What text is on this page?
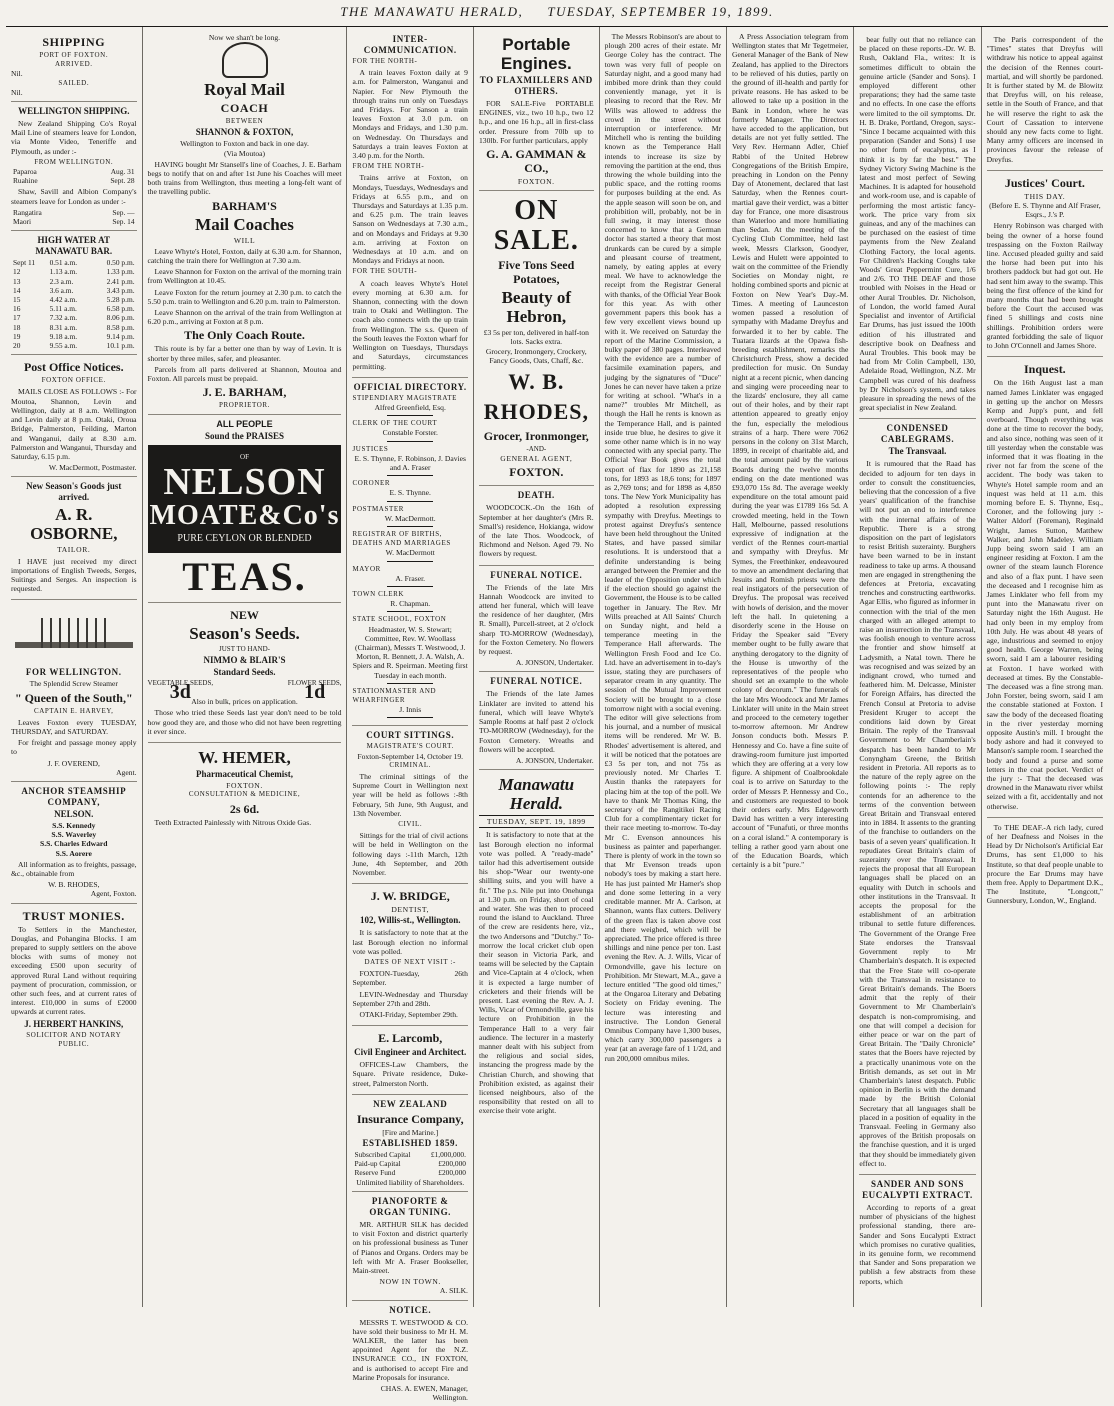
THE MANAWATU HERALD, TUESDAY, SEPTEMBER 19, 1899.
SHIPPING
PORT OF FOXTON.
ARRIVED.
Nil.
SAILED.
Nil.
WELLINGTON SHIPPING.

New Zealand Shipping Co's Royal Mail Line of steamers leave for London, via Monte Video, Teneriffe and Plymouth, as under :-

FROM WELLINGTON.
Paparoa	Aug. 31
Ruahine	Sept. 28

Shaw, Savill and Albion Company's steamers leave for London as under :-

Rangatira	Sep. —
Maori	Sep. 14
HIGH WATER AT MANAWATU BAR.
Sept 11	0.51 a.m.	0.50 p.m.
12	1.13 a.m.	1.33 p.m.
13	2.3 a.m.	2.41 p.m.
14	3.6 a.m.	3.43 p.m.
15	4.42 a.m.	5.28 p.m.
16	5.11 a.m.	6.58 p.m.
17	7.32 a.m.	8.06 p.m.
18	8.31 a.m.	8.58 p.m.
19	9.18 a.m.	9.14 p.m.
20	9.55 a.m.	10.1 p.m.
Post Office Notices.
FOXTON OFFICE.

MAILS CLOSE AS FOLLOWS :- For Moutoa, Shannon, Levin and Wellington, daily at 8 a.m. Wellington and Levin daily at 8 p.m. Otaki, Oroua Bridge, Palmerston, Feilding, Marton and Wanganui, daily at 8.30 a.m. Palmerston and Wanganui, Thursday and Saturday, 6.15 p.m.

W. MacDermott, Postmaster.
New Season's Goods just arrived.
A. R. OSBORNE,
TAILOR.

I HAVE just received my direct importations of English Tweeds, Serges, Suitings and Serges. An inspection is requested.

FOR WELLINGTON.
The Splendid Screw Steamer
" Queen of the South,"
CAPTAIN E. HARVEY,

Leaves Foxton every TUESDAY, THURSDAY, and SATURDAY.

For freight and passage money apply to

J. F. OVEREND,
Agent.
ANCHOR STEAMSHIP COMPANY,
NELSON.
S.S. Kennedy
S.S. Waverley
S.S. Charles Edward
S.S. Aorere

All information as to freights, passage, &c., obtainable from

W. B. RHODES,
Agent, Foxton.
TRUST MONIES.

To Settlers in the Manchester, Douglas, and Pohangina Blocks. I am prepared to supply settlers on the above blocks with sums of money not exceeding £500 upon security of approved Rural Land without requiring payment of procuration, commission, or other such fees, and at current rates of interest. £10,000 in sums of £2000 upwards at current rates.

J. HERBERT HANKINS,
SOLICITOR AND NOTARY PUBLIC.
Now we shan't be long.
Royal Mail
COACH
BETWEEN
SHANNON & FOXTON,
Wellington to Foxton and back in one day.
(Via Moutoa)

HAVING bought Mr Stansell's line of Coaches, J. E. Barham begs to notify that on and after 1st June his Coaches will meet both trains from Wellington, thus meeting a long-felt want of the travelling public.

BARHAM'S
Mail Coaches
WILL

Leave Whyte's Hotel, Foxton, daily at 6.30 a.m. for Shannon, catching the train there for Wellington at 7.30 a.m.

Leave Shannon for Foxton on the arrival of the morning train from Wellington at 10.45.

Leave Foxton for the return journey at 2.30 p.m. to catch the 5.50 p.m. train to Wellington and 6.20 p.m. train to Palmerston.

Leave Shannon on the arrival of the train from Wellington at 6.20 p.m., arriving at Foxton at 8 p.m.

The Only Coach Route.

This route is by far a better one than by way of Levin. It is shorter by three miles, safer, and pleasanter.

Parcels from all parts delivered at Shannon, Moutoa and Foxton. All parcels must be prepaid.

J. E. BARHAM,
PROPRIETOR.
ALL PEOPLE
Sound the PRAISES
OF
NELSON
MOATE&Co's
PURE CEYLON OR BLENDED
TEAS.
NEW
Season's Seeds.
JUST TO HAND-
NIMMO & BLAIR'S
Standard Seeds.
VEGETABLE SEEDS,
3d	FLOWER SEEDS,
1d
Also in bulk, prices on application.

Those who tried these Seeds last year don't need to be told how good they are, and those who did not have been regretting it ever since.

W. HEMER,
Pharmaceutical Chemist,
FOXTON.
CONSULTATION & MEDICINE,
2s 6d.

Teeth Extracted Painlessly with Nitrous Oxide Gas.

INTER-COMMUNICATION.
FOR THE NORTH-

A train leaves Foxton daily at 9 a.m. for Palmerston, Wanganui and Napier. For New Plymouth the through trains run only on Tuesdays and Fridays. For Sanson a train leaves Foxton at 3.0 p.m. on Mondays and Fridays, and 1.30 p.m. on Wednesday. On Thursdays and Saturdays a train leaves Foxton at 3.40 p.m. for the North.

FROM THE NORTH-

Trains arrive at Foxton, on Mondays, Tuesdays, Wednesdays and Fridays at 6.55 p.m., and on Thursdays and Saturdays at 1.35 p.m. and 6.25 p.m. The train leaves Sanson on Wednesdays at 7.30 a.m., and on Mondays and Fridays at 9.30 a.m. arriving at Foxton on Wednesdays at 10 a.m. and on Mondays and Fridays at noon.

FOR THE SOUTH-

A coach leaves Whyte's Hotel every morning at 6.30 a.m. for Shannon, connecting with the down train to Otaki and Wellington. The coach also connects with the up train from Wellington. The s.s. Queen of the South leaves the Foxton wharf for Wellington on Tuesdays, Thursdays and Saturdays, circumstances permitting.

OFFICIAL DIRECTORY.
STIPENDIARY MAGISTRATE
Alfred Greenfield, Esq.
CLERK OF THE COURT
Constable Forster.
JUSTICES
E. S. Thynne, F. Robinson, J. Davies and A. Fraser
CORONER
E. S. Thynne.
POSTMASTER
W. MacDermott.
REGISTRAR OF BIRTHS, DEATHS AND MARRIAGES
W. MacDermott
MAYOR
A. Fraser.
TOWN CLERK
R. Chapman.
STATE SCHOOL, FOXTON
Headmaster, W. S. Stewart; Committee, Rev. W. Woollass (Chairman), Messrs T. Westwood, J. Morton, R. Bennett, J. A. Walsh, A. Spiers and R. Speirman. Meeting first Tuesday in each month.
STATIONMASTER AND WHARFINGER
J. Innis
COURT SITTINGS.
MAGISTRATE'S COURT.
Foxton-September 14, October 19.
CRIMINAL.

The criminal sittings of the Supreme Court in Wellington next year will be held as follows :-8th February, 5th June, 9th August, and 13th November.

CIVIL.

Sittings for the trial of civil actions will be held in Wellington on the following days :-11th March, 12th June, 4th September, and 20th November.

J. W. BRIDGE,
DENTIST,
102, Willis-st., Wellington.

It is satisfactory to note that at the last Borough election no informal vote was polled.

DATES OF NEXT VISIT :-

FOXTON-Tuesday, 26th September.

LEVIN-Wednesday and Thursday September 27th and 28th.

OTAKI-Friday, September 29th.

E. Larcomb,
Civil Engineer and Architect.

OFFICES-Law Chambers, the Square. Private residence, Duke-street, Palmerston North.

NEW ZEALAND
Insurance Company,
[Fire and Marine.]
ESTABLISHED 1859.
Subscribed Capital	£1,000,000.
Paid-up Capital	£200,000
Reserve Fund	£200,000
Unlimited liability of Shareholders.
PIANOFORTE & ORGAN TUNING.

MR. ARTHUR SILK has decided to visit Foxton and district quarterly on his professional business as Tuner of Pianos and Organs. Orders may be left with Mr A. Fraser Bookseller, Main-street.

NOW IN TOWN.
A. SILK.
NOTICE.

MESSRS T. WESTWOOD & CO. have sold their business to Mr H. M. WALKER, the latter has been appointed Agent for the N.Z. INSURANCE CO., IN FOXTON, and is authorised to accept Fire and Marine Proposals for insurance.

CHAS. A. EWEN, Manager, Wellington.
Portable Engines.
TO FLAXMILLERS AND OTHERS.

FOR SALE-Five PORTABLE ENGINES, viz., two 10 h.p., two 12 h.p., and one 16 h.p., all in first-class order. Pressure from 70lb up to 130lb. For further particulars, apply

G. A. GAMMAN & CO.,
FOXTON.
ON SALE.
Five Tons Seed Potatoes,
Beauty of Hebron,
£3 5s per ton, delivered in half-ton lots. Sacks extra.
Grocery, Ironmongery, Crockery, Fancy Goods, Oats, Chaff, &c.
W. B. RHODES,
Grocer, Ironmonger,
-AND-
GENERAL AGENT,
FOXTON.
DEATH.

WOODCOCK.-On the 16th of September at her daughter's (Mrs R. Small's) residence, Hokianga, widow of the late Thos. Woodcock, of Richmond and Nelson. Aged 79. No flowers by request.

FUNERAL NOTICE.

The Friends of the late Mrs Hannah Woodcock are invited to attend her funeral, which will leave the residence of her daughter, (Mrs R. Small), Purcell-street, at 2 o'clock sharp TO-MORROW (Wednesday), for the Foxton Cemetery. No flowers by request.

A. JONSON, Undertaker.
FUNERAL NOTICE.

The Friends of the late James Linklater are invited to attend his funeral, which will leave Whyte's Sample Rooms at half past 2 o'clock TO-MORROW (Wednesday), for the Foxton Cemetery. Wreaths and flowers will be accepted.

A. JONSON, Undertaker.
Manawatu Herald.
TUESDAY, SEPT. 19, 1899

It is satisfactory to note that at the last Borough election no informal vote was polled. A "ready-made" tailor had this advertisement outside his shop-"Wear our twenty-one shilling suits, and you will have a fit." The p.s. Nile put into Onehunga at 1.30 p.m. on Friday, short of coal and water. She was then to proceed round the island to Auckland. Three of the crew are residents here, viz., the two Andersons and "Dutchy." To-morrow the local cricket club open their season in Victoria Park, and teams will be selected by the Captain and Vice-Captain at 4 o'clock, when it is expected a large number of cricketers and their friends will be present. Last evening the Rev. A. J. Wills, Vicar of Ormondville, gave his lecture on Prohibition in the Temperance Hall to a very fair audience. The lecturer in a masterly manner dealt with his subject from the religious and social sides, instancing the progress made by the Christian Church, and showing that Prohibition existed, as against their licensed neighbours, also of the responsibility that rested on all to exercise their vote aright.

The Messrs Robinson's are about to plough 200 acres of their estate. Mr George Coley has the contract. The town was very full of people on Saturday night, and a good many had imbibed more drink than they could conveniently manage, yet it is pleasing to record that the Rev. Mr Wills was allowed to address the crowd in the street without interruption or interference. Mr Mitchell who is renting the building known as the Temperance Hall intends to increase its size by removing the partition at the end, thus throwing the whole building into the public space, and the rotting rooms for purposes building at the end. As the apple season will soon be on, and prohibition will, probably, not be in full swing, it may interest those concerned to know that a German doctor has started a theory that most drunkards can be cured by a simple and pleasant course of treatment, namely, by eating apples at every meal. We have to acknowledge the receipt from the Registrar General with thanks, of the Official Year Book for this year. As with other government papers this book has a few very excellent views bound up with it. We received on Saturday the report of the Marine Commission, a bulky paper of 380 pages. Interleaved with the evidence are a number of facsimile examination papers, and judging by the signatures of "Duce" Jones he can never have taken a prize for writing at school. "What's in a name?" troubles Mr Mitchell, as though the Hall he rents is known as the Temperance Hall, and is painted inside true blue, he desires to give it some other name which is in no way connected with any special party. The Official Year Book gives the total export of flax for 1890 as 21,158 tons, for 1893 as 18,6 tons; for 1897 as 2,769 tons; and for 1898 as 4,850 tons. The New York Municipality has adopted a resolution expressing sympathy with Dreyfus. Meetings to protest against Dreyfus's sentence have been held throughout the United States, and have passed similar resolutions. It is understood that a definite understanding is being arranged between the Premier and the leader of the Opposition under which if the election should go against the Government, the House is to be called together in January. The Rev. Mr Wills preached at All Saints' Church on Sunday night, and held a temperance meeting in the Temperance Hall afterwards. The Wellington Fresh Food and Ice Co. Ltd. have an advertisement in to-day's issue, stating they are purchasers of separator cream in any quantity. The session of the Mutual Improvement Society will be brought to a close tomorrow night with a social evening. The editor will give selections from his journal, and a number of musical items will be rendered. Mr W. B. Rhodes' advertisement is altered, and it will be noticed that the potatoes are £3 5s per ton, and not 75s as previously noted. Mr Charles T. Austin thanks the ratepayers for placing him at the top of the poll. We have to thank Mr Thomas King, the secretary of the Rangitikei Racing Club for a complimentary ticket for their race meeting to-morrow. To-day Mr C. Evenson announces his business as painter and paperhanger. There is plenty of work in the town so that Mr Evenson treads upon nobody's toes by making a start here. He has just painted Mr Hamer's shop and done some lettering in a very creditable manner. Mr A. Carlson, at Shannon, wants flax cutters. Delivery of the green flax is taken above cost and there weighed, which will be appreciated. The price offered is three shillings and nine pence per ton. Last evening the Rev. A. J. Wills, Vicar of Ormondville, gave his lecture on Prohibition. Mr Stewart, M.A., gave a lecture entitled "The good old times," at the Ongaroa Literary and Debating Society on Friday evening. The lecture was interesting and instructive. The London General Omnibus Company have 1,300 buses, which carry 300,000 passengers a year (at an average fare of 1 1/2d, and run 200,000 omnibus miles.

A Press Association telegram from Wellington states that Mr Tegetmeier, General Manager of the Bank of New Zealand, has applied to the Directors to be relieved of his duties, partly on the ground of ill-health and partly for private reasons. He has asked to be allowed to take up a position in the Bank in London, where he was formerly Manager. The Directors have acceded to the application, but details are not yet fully settled. The Very Rev. Hermann Adler, Chief Rabbi of the United Hebrew Congregations of the British Empire, preaching in London on the Penny Day of Atonement, declared that last Saturday, when the Rennes court-martial gave their verdict, was a bitter day for France, one more disastrous than Waterloo and more humiliating than Sedan. At the meeting of the Cycling Club Committee, held last week, Messrs Clarkson, Goodyer, Lewis and Hulett were appointed to wait on the committee of the Friendly Societies on Monday night, re holding combined sports and picnic at Foxton on New Year's Day.-M. Times. A meeting of Launceston women passed a resolution of sympathy with Madame Dreyfus and forwarded it to her by cable. The Tuatara lizards at the Opawa fish-breeding establishment, remarks the Christchurch Press, show a decided predilection for music. On Sunday night at a recent picnic, when dancing and singing were proceeding near to the lizards' enclosure, they all came out of their holes, and by their rapt attention appeared to greatly enjoy the fun, especially the melodious strains of a harp. There were 7062 persons in the colony on 31st March, 1899, in receipt of charitable aid, and the total amount paid by the various Boards during the twelve months ending on the date mentioned was £93,070 15s 8d. The average weekly expenditure on the total amount paid during the year was £1789 16s 5d. A crowded meeting, held in the Town Hall, Melbourne, passed resolutions expressive of indignation at the verdict of the Rennes court-martial and sympathy with Dreyfus. Mr Symes, the Freethinker, endeavoured to move an amendment declaring that Jesuits and Romish priests were the real instigators of the persecution of Dreyfus. The proposal was received with howls of derision, and the mover left the hall. In quietening a disorderly scene in the House on Friday the Speaker said "Every member ought to be fully aware that anything derogatory to the dignity of the House is unworthy of the representatives of the people who should set an example to the whole colony of decorum." The funerals of the late Mrs Woodcock and Mr James Linklater will unite in the Main street and proceed to the cemetery together to-morrow afternoon. Mr Andrew Jonson conducts both. Messrs P. Hennessy and Co. have a fine suite of drawing-room furniture just imported which they are offering at a very low figure. A shipment of Coalbrookdale coal is to arrive on Saturday to the order of Messrs P. Hennessy and Co., and customers are requested to book their orders early. Mrs Edgeworth David has written a very interesting account of "Funafuti, or three months on a coral island." A contemporary is telling a rather good yarn about one of the Education Boards, which certainly is a bit "pure."

bear fully out that no reliance can be placed on these reports.-Dr. W. B. Rush, Oakland Fla., writes: It is sometimes difficult to obtain the genuine article (Sander and Sons). I employed different other preparations; they had the same taste and no effects. In one case the efforts were limited to the oil symptoms. Dr. H. B. Drake, Portland, Oregon, says:-"Since I became acquainted with this preparation (Sander and Sons) I use no other form of eucalyptus, as I think it is by far the best." The Sydney Victory Swing Machine is the latest and most perfect of Sewing Machines. It is adapted for household and work-room use, and is capable of performing the most artistic fancy-work. The price vary from six guineas, and any of the machines can be purchased on the easiest of time payments from the New Zealand Clothing Factory, the local agents. For Children's Hacking Coughs take Woods' Great Peppermint Cure, 1/6 and 2/6. TO THE DEAF and those troubled with Noises in the Head or other Aural Troubles. Dr. Nicholson, of London, the world famed Aural Specialist and inventor of Artificial Ear Drums, has just issued the 100th edition of his illustrated and descriptive book on Deafness and Aural Troubles. This book may be had from Mr Colin Campbell, 130, Adelaide Road, Wellington, N.Z. Mr Campbell was cured of his deafness by Dr Nicholson's system, and takes pleasure in spreading the news of the great specialist in New Zealand.

CONDENSED CABLEGRAMS.
The Transvaal.

It is rumoured that the Raad has decided to adjourn for ten days in order to consult the constituencies, believing that the concession of a five years' qualification of the franchise will not put an end to interference with the internal affairs of the Republic. There is a strong disposition on the part of legislators to resist British suzerainty. Burghers have been warned to be in instant readiness to take up arms. A thousand men are engaged in strengthening the defences at Pretoria, excavating trenches and constructing earthworks. Agar Ellis, who figured as informer in connection with the trial of the men charged with an alleged attempt to raise an insurrection in the Transvaal, was foolish enough to venture across the frontier and show himself at Ladysmith, a Natal town. There he was recognised and was seized by an indignant crowd, who turned and feathered him. M. Delcasse, Minister for Foreign Affairs, has directed the French Consul at Pretoria to advise President Kruger to accept the conditions laid down by Great Britain. The reply of the Transvaal Government to Mr Chamberlain's despatch has been handed to Mr Conyngham Greene, the British resident in Pretoria. All reports as to the nature of the reply agree on the following points :- The reply contends for an adherence to the terms of the convention between Great Britain and Transvaal entered into in 1884. It assents to the granting of the franchise to outlanders on the basis of a seven years' qualification. It repudiates Great Britain's claim of suzerainty over the Transvaal. It rejects the proposal that all European languages shall be placed on an equality with Dutch in schools and other institutions in the Transvaal. It accepts the proposal for the establishment of an arbitration tribunal to settle future differences. The Government of the Orange Free State endorses the Transvaal Government reply to Mr Chamberlain's despatch. It is expected that the Free State will co-operate with the Transvaal in resistance to Great Britain's demands. The Boers admit that the reply of their Government to Mr Chamberlain's despatch is non-compromising, and one that will compel a decision for either peace or war on the part of Great Britain. The "Daily Chronicle" states that the Boers have rejected by a practically unanimous vote on the British demands, as set out in Mr Chamberlain's latest despatch. Public opinion in Berlin is with the demand made by the British Colonial Secretary that all languages shall be placed in a position of equality in the Transvaal. Feeling in Germany also approves of the British proposals on the franchise question, and it is urged that they should be immediately given effect to.

SANDER AND SONS EUCALYPTI EXTRACT.

According to reports of a great number of physicians of the highest professional standing, there are-Sander and Sons Eucalypti Extract which promises no curative qualities, in its genuine form, we recommend that Sander and Sons preparation we publish a few abstracts from these reports, which

The Paris correspondent of the "Times" states that Dreyfus will withdraw his notice to appeal against the decision of the Rennes court-martial, and will shortly be pardoned. It is further stated by M. de Blowitz that Dreyfus will, on his release, settle in the South of France, and that he will reserve the right to ask the Court of Cassation to intervene should any new facts come to light. Many army officers are incensed in provinces favour the release of Dreyfus.

Justices' Court.
THIS DAY.
(Before E. S. Thynne and Alf Fraser, Esqrs., J.'s P.

Henry Robinson was charged with being the owner of a horse found trespassing on the Foxton Railway line. Accused pleaded guilty and said the horse had been put into his brothers paddock but had got out. He had sent him away to the swamp. This being the first offence of the kind for many months that had been brought before the Court the accused was fined 5 shillings and costs nine shillings. Prohibition orders were granted forbidding the sale of liquor to John O'Connell and James Shore.

Inquest.

On the 16th August last a man named James Linklater was engaged in getting up the anchor on Messrs Kemp and Jupp's punt, and fell overboard. Though everything was done at the time to recover the body, and also since, nothing was seen of it till yesterday when the constable was informed that it was floating in the river not far from the scene of the accident. The body was taken to Whyte's Hotel sample room and an inquest was held at 11 a.m. this morning before E. S. Thynne, Esq., Coroner, and the following jury :- Walter Aldorf (Foreman), Reginald Wright, James Sutton, Matthew Walker, and John Madeley. William Jupp being sworn said I am an engineer residing at Foxton. I am the owner of the steam launch Florence and also of a flax punt. I have seen the deceased and I recognise him as James Linklater who fell from my punt into the Manawatu river on Saturday night the 16th August. He had only been in my employ from 10th July. He was about 48 years of age, industrious and seemed to enjoy good health. George Warren, being sworn, said I am a labourer residing at Foxton. I have worked with deceased at times. By the Constable-The deceased was a fine strong man. John Forster, being sworn, said I am the constable stationed at Foxton. I saw the body of the deceased floating in the river yesterday morning opposite Austin's mill. I brought the body ashore and had it conveyed to Manson's sample room. I searched the body and found a purse and some letters in the coat pocket. Verdict of the jury :- That the deceased was drowned in the Manawatu river whilst seized with a fit, accidentally and not otherwise.

To THE DEAF.-A rich lady, cured of her Deafness and Noises in the Head by Dr Nicholson's Artificial Ear Drums, has sent £1,000 to his Institute, so that deaf people unable to procure the Ear Drums may have them free. Apply to Department D.K., The Institute, "Longcott," Gunnersbury, London, W., England.
